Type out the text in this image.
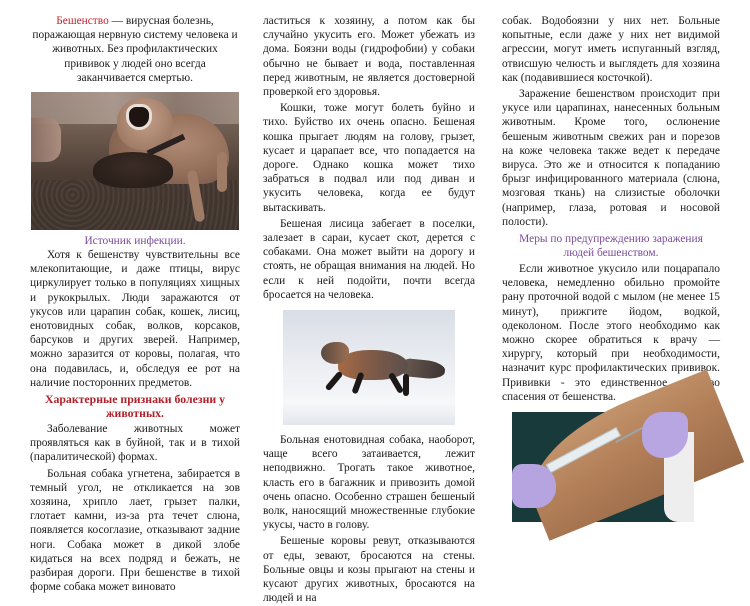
Бешенство — вирусная болезнь, поражающая нервную систему человека и животных. Без профилактических прививок у людей оно всегда заканчивается смертью.

Источник инфекции.

Хотя к бешенству чувствительны все млекопитающие, и даже птицы, вирус циркулирует только в популяциях хищных и рукокрылых. Люди заражаются от укусов или царапин собак, кошек, лисиц, енотовидных собак, волков, корсаков, барсуков и других зверей. Например, можно заразится от коровы, полагая, что она подавилась, и, обследуя ее рот на наличие посторонних предметов.

Характерные признаки болезни у животных.

Заболевание животных может проявляться как в буйной, так и в тихой (паралитической) формах.

Больная собака угнетена, забирается в темный угол, не откликается на зов хозяина, хрипло лает, грызет палки, глотает камни, из-за рта течет слюна, появляется косоглазие, отказывают задние ноги. Собака может в дикой злобе кидаться на всех подряд и бежать, не разбирая дороги. При бешенстве в тихой форме собака может виновато

ластиться к хозяину, а потом как бы случайно укусить его. Может убежать из дома. Боязни воды (гидрофобии) у собаки обычно не бывает и вода, поставленная перед животным, не является достоверной проверкой его здоровья.

Кошки, тоже могут болеть буйно и тихо. Буйство их очень опасно. Бешеная кошка прыгает людям на голову, грызет, кусает и царапает все, что попадается на дороге. Однако кошка может тихо забраться в подвал или под диван и укусить человека, когда ее будут вытаскивать.

Бешеная лисица забегает в поселки, залезает в сараи, кусает скот, дерется с собаками. Она может выйти на дорогу и стоять, не обращая внимания на людей. Но если к ней подойти, почти всегда бросается на человека.

Больная енотовидная собака, наоборот, чаще всего затаивается, лежит неподвижно. Трогать такое животное, класть его в багажник и привозить домой очень опасно. Особенно страшен бешеный волк, наносящий множественные глубокие укусы, часто в голову.

Бешеные коровы ревут, отказываются от еды, зевают, бросаются на стены. Больные овцы и козы прыгают на стены и кусают других животных, бросаются на людей и на

собак. Водобоязни у них нет. Больные копытные, если даже у них нет видимой агрессии, могут иметь испуганный взгляд, отвисшую челюсть и выглядеть для хозяина как (подавившиеся косточкой).

Заражение бешенством происходит при укусе или царапинах, нанесенных больным животным. Кроме того, ослюнение бешеным животным свежих ран и порезов на коже человека также ведет к передаче вируса. Это же и относится к попаданию брызг инфицированного материала (слюна, мозговая ткань) на слизистые оболочки (например, глаза, ротовая и носовой полости).

Меры по предупреждению заражения людей бешенством.

Если животное укусило или поцарапало человека, немедленно обильно промойте рану проточной водой с мылом (не менее 15 минут), прижгите йодом, водкой, одеколоном. После этого необходимо как можно скорее обратиться к врачу — хирургу, который при необходимости, назначит курс профилактических прививок. Прививки - это единственное средство спасения от бешенства.
